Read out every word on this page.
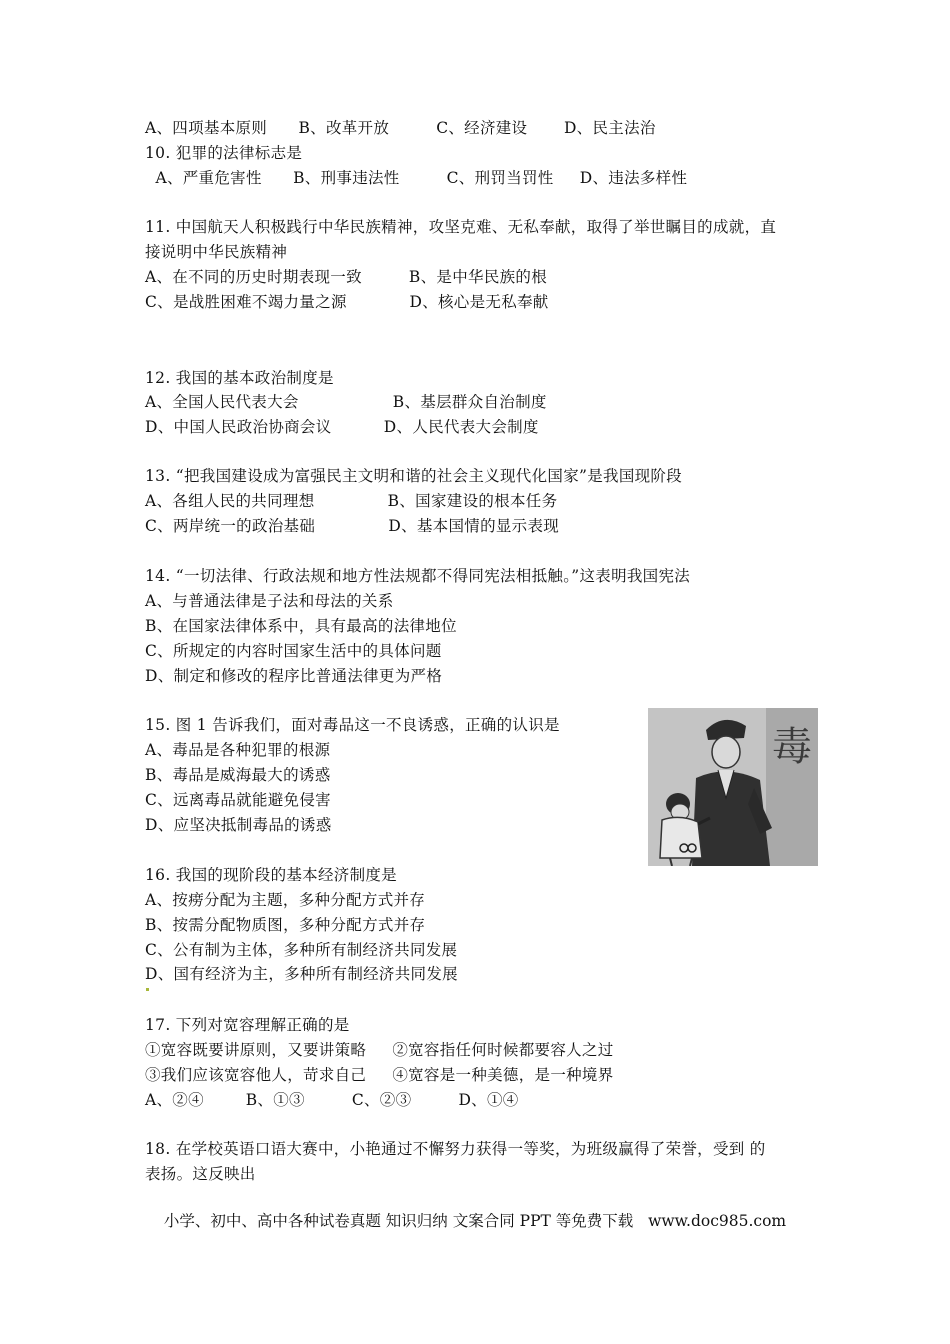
A、四项基本原则      B、改革开放         C、经济建设       D、民主法治
10. 犯罪的法律标志是
A、严重危害性      B、刑事违法性         C、刑罚当罚性     D、违法多样性
11. 中国航天人积极践行中华民族精神，攻坚克难、无私奉献，取得了举世瞩目的成就，直
接说明中华民族精神
A、在不同的历史时期表现一致         B、是中华民族的根
C、是战胜困难不竭力量之源            D、核心是无私奉献
12. 我国的基本政治制度是
A、全国人民代表大会                  B、基层群众自治制度
D、中国人民政治协商会议          D、人民代表大会制度
13. “把我国建设成为富强民主文明和谐的社会主义现代化国家”是我国现阶段
A、各组人民的共同理想              B、国家建设的根本任务
C、两岸统一的政治基础              D、基本国情的显示表现
14. “一切法律、行政法规和地方性法规都不得同宪法相抵触。”这表明我国宪法
A、与普通法律是子法和母法的关系
B、在国家法律体系中，具有最高的法律地位
C、所规定的内容时国家生活中的具体问题
D、制定和修改的程序比普通法律更为严格
15. 图 1 告诉我们，面对毒品这一不良诱惑，正确的认识是
A、毒品是各种犯罪的根源
B、毒品是威海最大的诱惑
C、远离毒品就能避免侵害
D、应坚决抵制毒品的诱惑
毒
16. 我国的现阶段的基本经济制度是
A、按痨分配为主题，多种分配方式并存
B、按需分配物质图，多种分配方式并存
C、公有制为主体，多种所有制经济共同发展
D、国有经济为主，多种所有制经济共同发展
17. 下列对宽容理解正确的是
①宽容既要讲原则，又要讲策略     ②宽容指任何时候都要容人之过
③我们应该宽容他人，苛求自己     ④宽容是一种美德，是一种境界
A、②④        B、①③         C、②③         D、①④
18. 在学校英语口语大赛中，小艳通过不懈努力获得一等奖，为班级赢得了荣誉，受到 的
表扬。这反映出
小学、初中、高中各种试卷真题 知识归纳 文案合同 PPT 等免费下载   www.doc985.com
